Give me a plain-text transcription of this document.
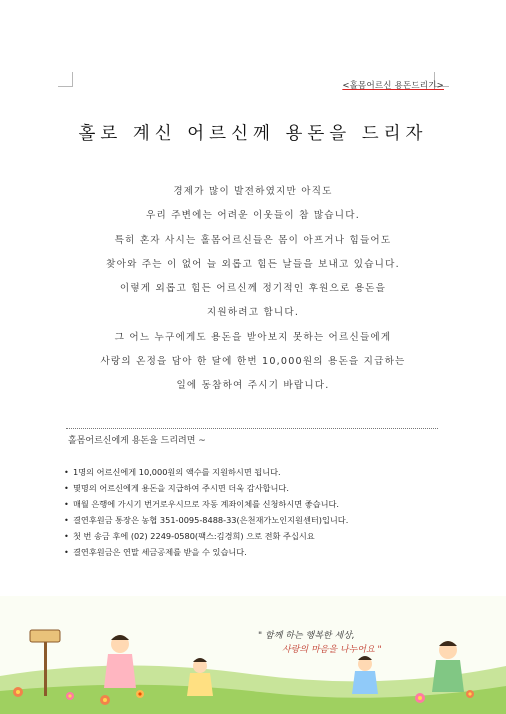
<홀몸어르신 용돈드리기>
홀로 계신 어르신께 용돈을 드리자
경제가 많이 발전하였지만 아직도
우리 주변에는 어려운 이웃들이 참 많습니다.
특히 혼자 사시는 홀몸어르신들은 몸이 아프거나 힘들어도
찾아와 주는 이 없어 늘 외롭고 힘든 날들을 보내고 있습니다.
이렇게 외롭고 힘든 어르신께 정기적인 후원으로 용돈을
지원하려고 합니다.
그 어느 누구에게도 용돈을 받아보지 못하는 어르신들에게
사랑의 온정을 담아 한 달에 한번 10,000원의 용돈을 지급하는
일에 동참하여 주시기 바랍니다.
홀몸어르신에게 용돈을 드리려면 ~
• 1명의 어르신에게 10,000원의 액수를 지원하시면 됩니다.
• 몇명의 어르신에게 용돈을 지급하여 주시면 더욱 감사합니다.
• 매월 은행에 가시기 번거로우시므로 자동 계좌이체를 신청하시면 좋습니다.
• 결연후원금 통장은 농협 351-0095-8488-33(은천재가노인지원센터)입니다.
• 첫 번 송금 후에 (02) 2249-0580(팩스:김경희) 으로 전화 주십시요
• 결연후원금은 연말 세금공제를 받을 수 있습니다.
" 함께 하는 행복한 세상,
사랑의 마음을 나누어요 "
